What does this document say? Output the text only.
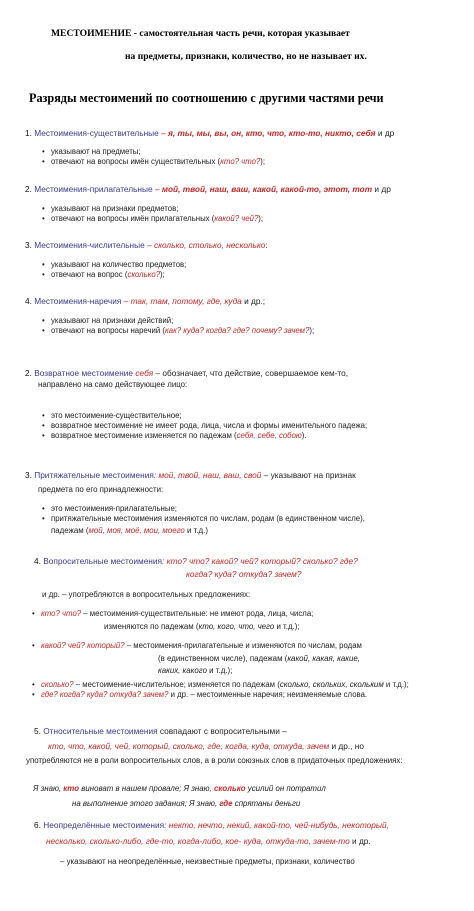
МЕСТОИМЕНИЕ - самостоятельная часть речи, которая указывает
на предметы, признаки, количество, но не называет их.
Разряды местоимений по соотношению с другими частями речи
1. Местоимения-существительные – я, ты, мы, вы, он, кто, что, кто-то, никто, себя и др
• указывают на предметы;
• отвечают на вопросы имён существительных (кто? что?);
2. Местоимения-прилагательные – мой, твой, наш, ваш, какой, какой-то, этот, тот и др
• указывают на признаки предметов;
• отвечают на вопросы имён прилагательных (какой? чей?);
3. Местоимения-числительные – сколько, столько, несколько:
• указывают на количество предметов;
• отвечают на вопрос (сколько?);
4. Местоимения-наречия – так, там, потому, где, куда и др.;
• указывают на признаки действий;
• отвечают на вопросы наречий (как? куда? когда? где? почему? зачем?);
2. Возвратное местоимение себя – обозначает, что действие, совершаемое кем-то,
направлено на само действующее лицо:
• это местоимение-существительное;
• возвратное местоимение не имеет рода, лица, числа и формы именительного падежа;
• возвратное местоимение изменяется по падежам (себя, себе, собою).
3. Притяжательные местоимения: мой, твой, наш, ваш, свой – указывают на признак
предмета по его принадлежности:
• это местоимения-прилагательные;
• притяжательные местоимения изменяются по числам, родам (в единственном числе),
падежам (мой, моя, моё, мои, моего и т.д.)
4. Вопросительные местоимения: кто? что? какой? чей? который? сколько? где?
когда? куда? откуда? зачем?
и др. – употребляются в вопросительных предложениях:
• кто? что? – местоимения-существительные: не имеют рода, лица, числа;
изменяются по падежам (кто, кого, что, чего и т.д.);
• какой? чей? который? – местоимения-прилагательные и изменяются по числам, родам
(в единственном числе), падежам (какой, какая, какие,
каких, какого и т.д.);
• сколько? – местоимение-числительное; изменяется по падежам (сколько, скольких, скольким и т.д.);
• где? когда? куда? откуда? зачем? и др. – местоименные наречия; неизменяемые слова.
5. Относительные местоимения совпадают с вопросительными –
кто, что, какой, чей, который, сколько, где, когда, куда, откуда, зачем и др., но
употребляются не в роли вопросительных слов, а в роли союзных слов в придаточных предложениях:
Я знаю, кто виноват в нашем провале; Я знаю, сколько усилий он потратил
на выполнение этого задания; Я знаю, где спрятаны деньги
6. Неопределённые местоимения: некто, нечто, некий, какой-то, чей-нибудь, некоторый,
несколько, сколько-либо, где-то, когда-либо, кое- куда, откуда-то, зачем-то и др.
– указывают на неопределённые, неизвестные предметы, признаки, количество
